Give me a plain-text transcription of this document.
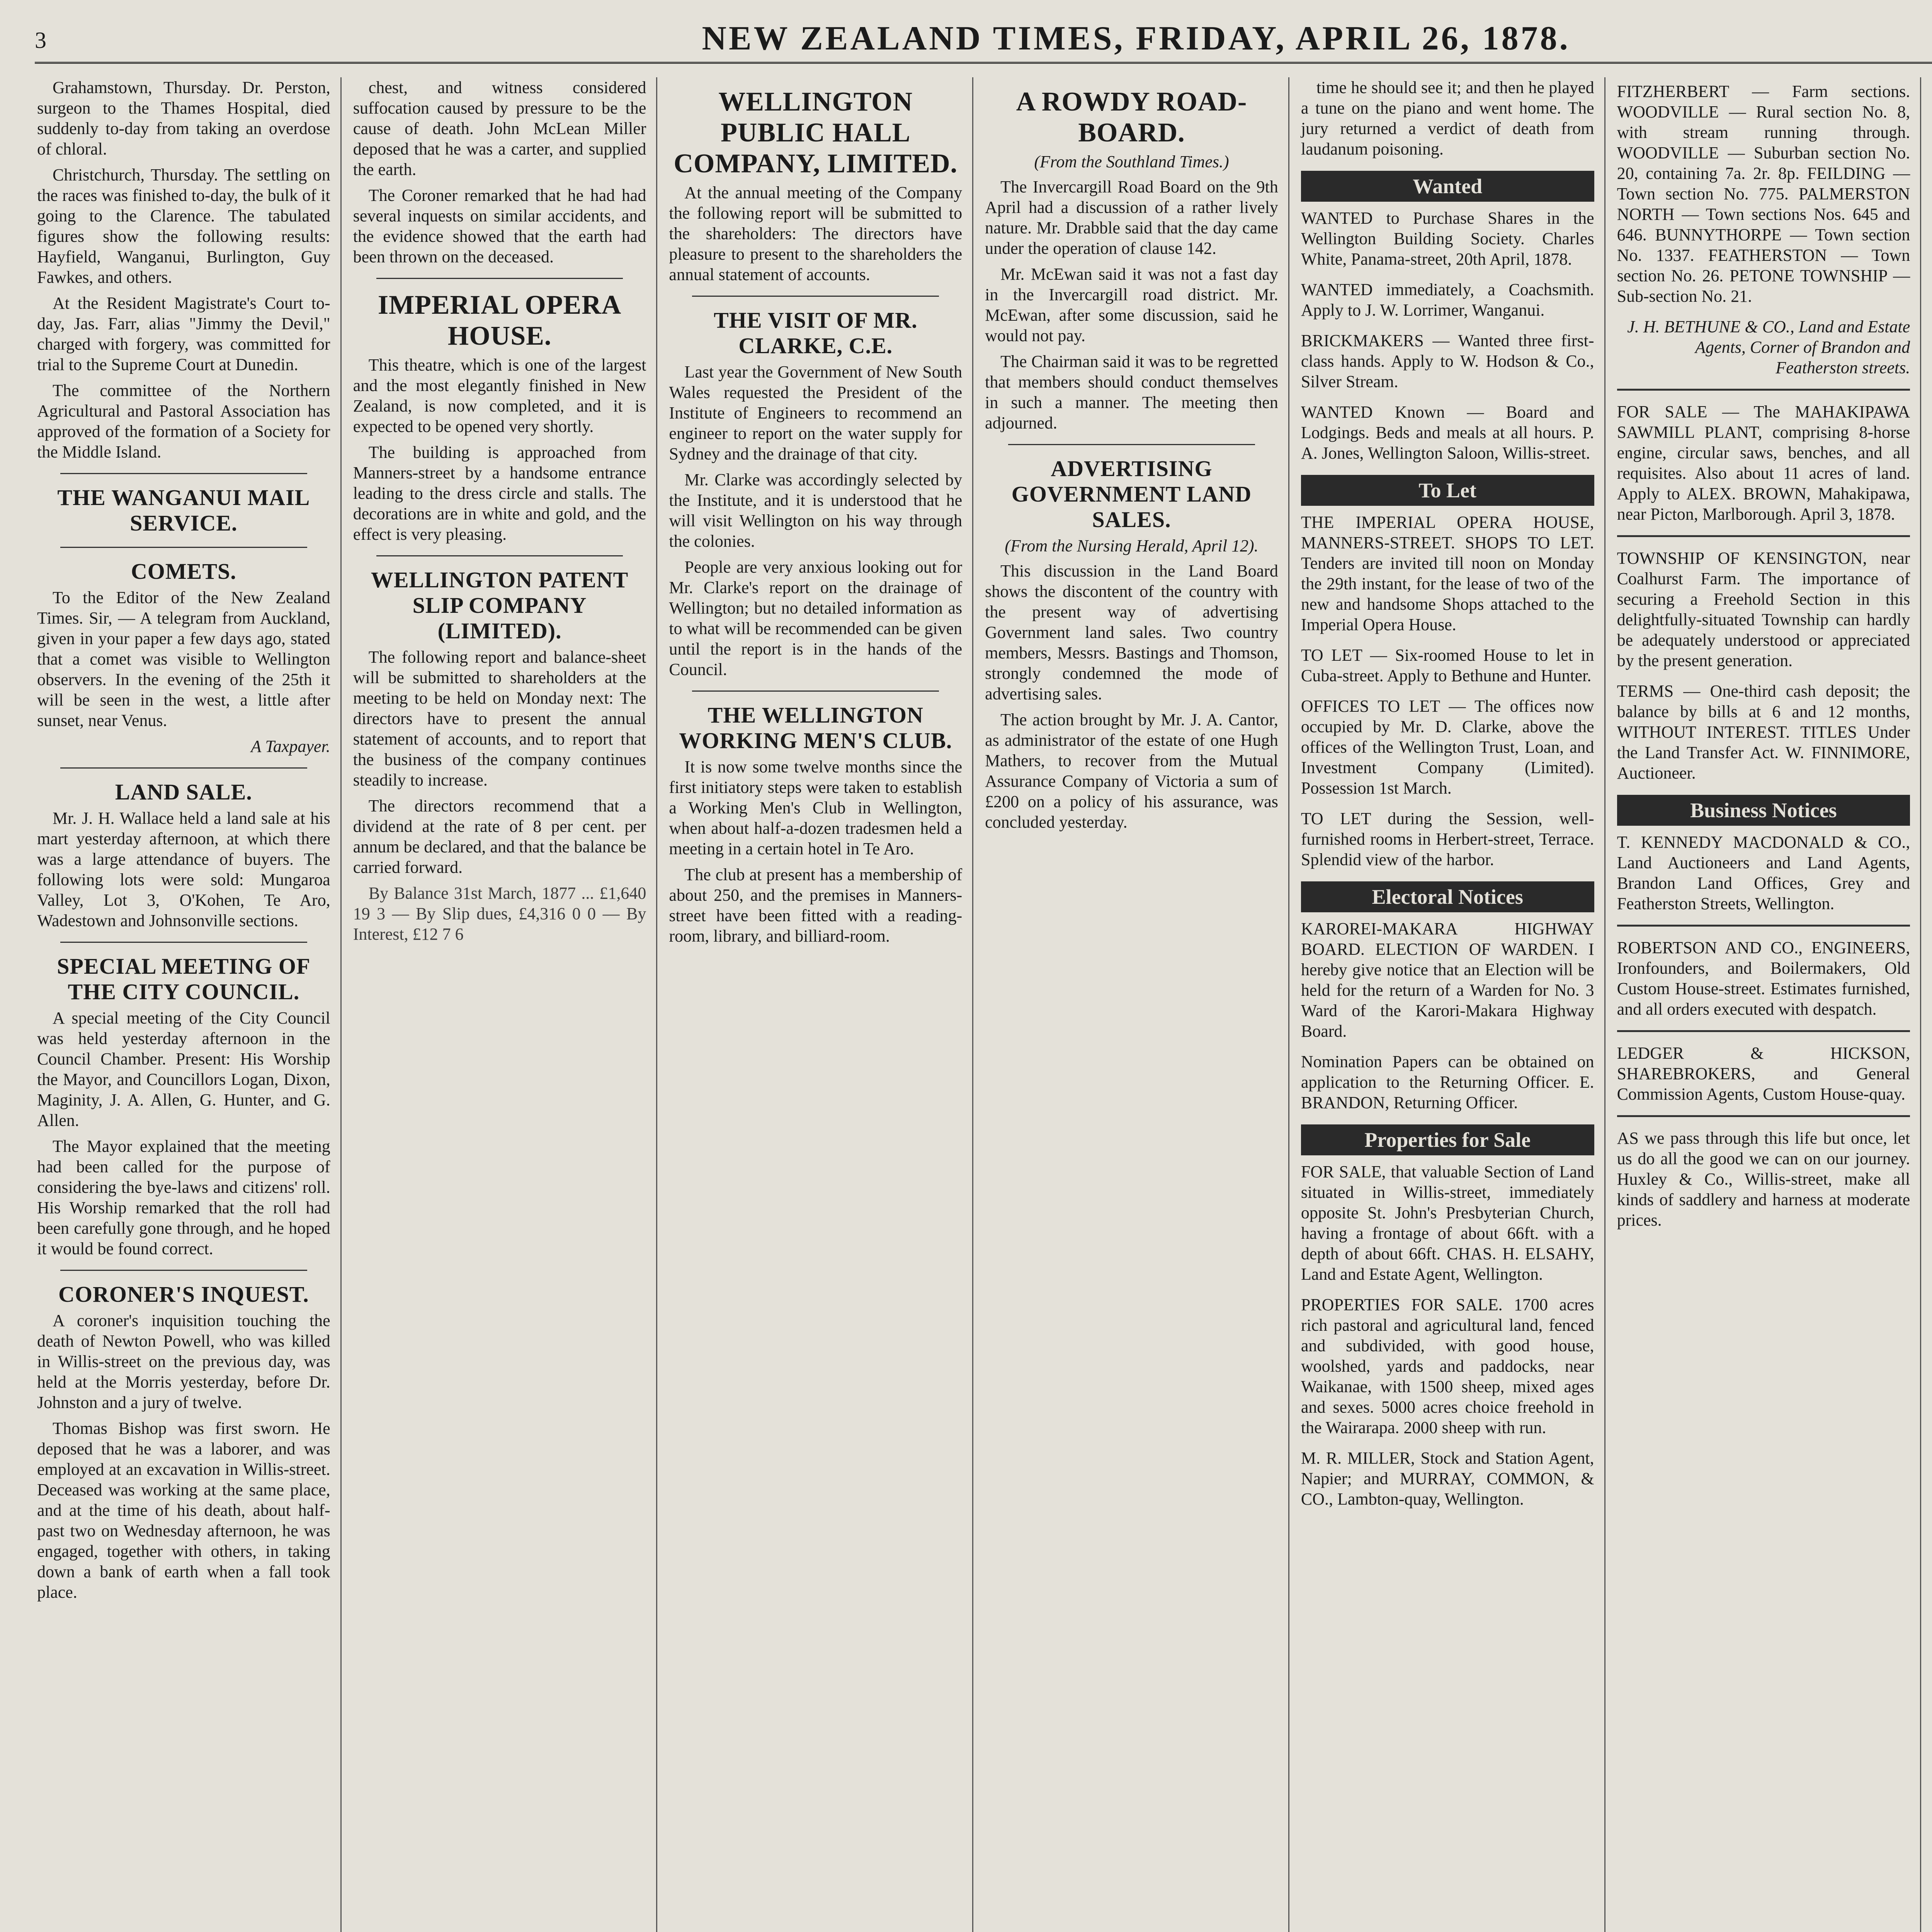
3	NEW ZEALAND TIMES, FRIDAY, APRIL 26, 1878.

Grahamstown, Thursday. Dr. Perston, surgeon to the Thames Hospital, died suddenly to-day from taking an overdose of chloral.

Christchurch, Thursday. The settling on the races was finished to-day, the bulk of it going to the Clarence. The tabulated figures show the following results: Hayfield, Wanganui, Burlington, Guy Fawkes, and others.

At the Resident Magistrate's Court to-day, Jas. Farr, alias "Jimmy the Devil," charged with forgery, was committed for trial to the Supreme Court at Dunedin.

The committee of the Northern Agricultural and Pastoral Association has approved of the formation of a Society for the Middle Island.

THE WANGANUI MAIL SERVICE.
COMETS.

To the Editor of the New Zealand Times. Sir, — A telegram from Auckland, given in your paper a few days ago, stated that a comet was visible to Wellington observers. In the evening of the 25th it will be seen in the west, a little after sunset, near Venus.

A Taxpayer.
LAND SALE.

Mr. J. H. Wallace held a land sale at his mart yesterday afternoon, at which there was a large attendance of buyers. The following lots were sold: Mungaroa Valley, Lot 3, O'Kohen, Te Aro, Wadestown and Johnsonville sections.

SPECIAL MEETING OF THE CITY COUNCIL.

A special meeting of the City Council was held yesterday afternoon in the Council Chamber. Present: His Worship the Mayor, and Councillors Logan, Dixon, Maginity, J. A. Allen, G. Hunter, and G. Allen.

The Mayor explained that the meeting had been called for the purpose of considering the bye-laws and citizens' roll. His Worship remarked that the roll had been carefully gone through, and he hoped it would be found correct.

CORONER'S INQUEST.

A coroner's inquisition touching the death of Newton Powell, who was killed in Willis-street on the previous day, was held at the Morris yesterday, before Dr. Johnston and a jury of twelve.

Thomas Bishop was first sworn. He deposed that he was a laborer, and was employed at an excavation in Willis-street. Deceased was working at the same place, and at the time of his death, about half-past two on Wednesday afternoon, he was engaged, together with others, in taking down a bank of earth when a fall took place.

chest, and witness considered suffocation caused by pressure to be the cause of death. John McLean Miller deposed that he was a carter, and supplied the earth.

The Coroner remarked that he had had several inquests on similar accidents, and the evidence showed that the earth had been thrown on the deceased.

IMPERIAL OPERA HOUSE.

This theatre, which is one of the largest and the most elegantly finished in New Zealand, is now completed, and it is expected to be opened very shortly.

The building is approached from Manners-street by a handsome entrance leading to the dress circle and stalls. The decorations are in white and gold, and the effect is very pleasing.

WELLINGTON PATENT SLIP COMPANY (LIMITED).

The following report and balance-sheet will be submitted to shareholders at the meeting to be held on Monday next: The directors have to present the annual statement of accounts, and to report that the business of the company continues steadily to increase.

The directors recommend that a dividend at the rate of 8 per cent. per annum be declared, and that the balance be carried forward.

By Balance 31st March, 1877 ... £1,640 19 3 — By Slip dues, £4,316 0 0 — By Interest, £12 7 6

WELLINGTON PUBLIC HALL COMPANY, LIMITED.

At the annual meeting of the Company the following report will be submitted to the shareholders: The directors have pleasure to present to the shareholders the annual statement of accounts.

THE VISIT OF MR. CLARKE, C.E.

Last year the Government of New South Wales requested the President of the Institute of Engineers to recommend an engineer to report on the water supply for Sydney and the drainage of that city.

Mr. Clarke was accordingly selected by the Institute, and it is understood that he will visit Wellington on his way through the colonies.

People are very anxious looking out for Mr. Clarke's report on the drainage of Wellington; but no detailed information as to what will be recommended can be given until the report is in the hands of the Council.

THE WELLINGTON WORKING MEN'S CLUB.

It is now some twelve months since the first initiatory steps were taken to establish a Working Men's Club in Wellington, when about half-a-dozen tradesmen held a meeting in a certain hotel in Te Aro.

The club at present has a membership of about 250, and the premises in Manners-street have been fitted with a reading-room, library, and billiard-room.

A ROWDY ROAD-BOARD.
(From the Southland Times.)

The Invercargill Road Board on the 9th April had a discussion of a rather lively nature. Mr. Drabble said that the day came under the operation of clause 142.

Mr. McEwan said it was not a fast day in the Invercargill road district. Mr. McEwan, after some discussion, said he would not pay.

The Chairman said it was to be regretted that members should conduct themselves in such a manner. The meeting then adjourned.

ADVERTISING GOVERNMENT LAND SALES.
(From the Nursing Herald, April 12).

This discussion in the Land Board shows the discontent of the country with the present way of advertising Government land sales. Two country members, Messrs. Bastings and Thomson, strongly condemned the mode of advertising sales.

The action brought by Mr. J. A. Cantor, as administrator of the estate of one Hugh Mathers, to recover from the Mutual Assurance Company of Victoria a sum of £200 on a policy of his assurance, was concluded yesterday.

time he should see it; and then he played a tune on the piano and went home. The jury returned a verdict of death from laudanum poisoning.

Wanted
WANTED to Purchase Shares in the Wellington Building Society. Charles White, Panama-street, 20th April, 1878.
WANTED immediately, a Coachsmith. Apply to J. W. Lorrimer, Wanganui.
BRICKMAKERS — Wanted three first-class hands. Apply to W. Hodson & Co., Silver Stream.
WANTED Known — Board and Lodgings. Beds and meals at all hours. P. A. Jones, Wellington Saloon, Willis-street.
To Let
THE IMPERIAL OPERA HOUSE, MANNERS-STREET. SHOPS TO LET. Tenders are invited till noon on Monday the 29th instant, for the lease of two of the new and handsome Shops attached to the Imperial Opera House.
TO LET — Six-roomed House to let in Cuba-street. Apply to Bethune and Hunter.
OFFICES TO LET — The offices now occupied by Mr. D. Clarke, above the offices of the Wellington Trust, Loan, and Investment Company (Limited). Possession 1st March.
TO LET during the Session, well-furnished rooms in Herbert-street, Terrace. Splendid view of the harbor.
Electoral Notices
KAROREI-MAKARA HIGHWAY BOARD. ELECTION OF WARDEN. I hereby give notice that an Election will be held for the return of a Warden for No. 3 Ward of the Karori-Makara Highway Board.
Nomination Papers can be obtained on application to the Returning Officer. E. BRANDON, Returning Officer.
Properties for Sale
FOR SALE, that valuable Section of Land situated in Willis-street, immediately opposite St. John's Presbyterian Church, having a frontage of about 66ft. with a depth of about 66ft. CHAS. H. ELSAHY, Land and Estate Agent, Wellington.
PROPERTIES FOR SALE. 1700 acres rich pastoral and agricultural land, fenced and subdivided, with good house, woolshed, yards and paddocks, near Waikanae, with 1500 sheep, mixed ages and sexes. 5000 acres choice freehold in the Wairarapa. 2000 sheep with run.
M. R. MILLER, Stock and Station Agent, Napier; and MURRAY, COMMON, & CO., Lambton-quay, Wellington.
FITZHERBERT — Farm sections. WOODVILLE — Rural section No. 8, with stream running through. WOODVILLE — Suburban section No. 20, containing 7a. 2r. 8p. FEILDING — Town section No. 775. PALMERSTON NORTH — Town sections Nos. 645 and 646. BUNNYTHORPE — Town section No. 1337. FEATHERSTON — Town section No. 26. PETONE TOWNSHIP — Sub-section No. 21.
J. H. BETHUNE & CO., Land and Estate Agents, Corner of Brandon and Featherston streets.
FOR SALE — The MAHAKIPAWA SAWMILL PLANT, comprising 8-horse engine, circular saws, benches, and all requisites. Also about 11 acres of land. Apply to ALEX. BROWN, Mahakipawa, near Picton, Marlborough. April 3, 1878.
TOWNSHIP OF KENSINGTON, near Coalhurst Farm. The importance of securing a Freehold Section in this delightfully-situated Township can hardly be adequately understood or appreciated by the present generation.
TERMS — One-third cash deposit; the balance by bills at 6 and 12 months, WITHOUT INTEREST. TITLES Under the Land Transfer Act. W. FINNIMORE, Auctioneer.
Business Notices
T. KENNEDY MACDONALD & CO., Land Auctioneers and Land Agents, Brandon Land Offices, Grey and Featherston Streets, Wellington.
ROBERTSON AND CO., ENGINEERS, Ironfounders, and Boilermakers, Old Custom House-street. Estimates furnished, and all orders executed with despatch.
LEDGER & HICKSON, SHAREBROKERS, and General Commission Agents, Custom House-quay.
AS we pass through this life but once, let us do all the good we can on our journey. Huxley & Co., Willis-street, make all kinds of saddlery and harness at moderate prices.
